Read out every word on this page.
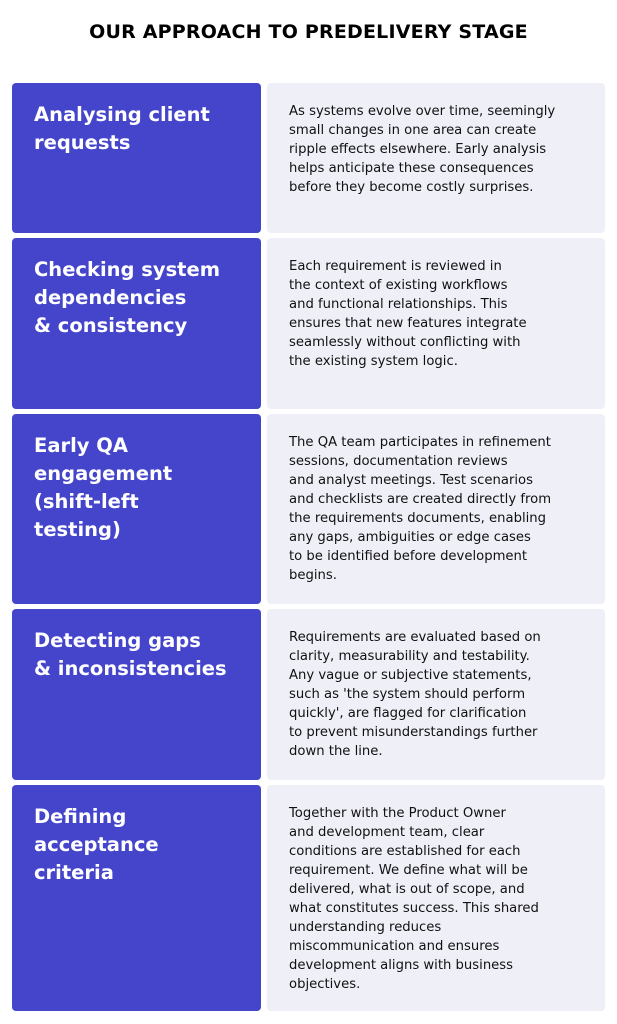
OUR APPROACH TO PREDELIVERY STAGE
Analysing client
requests
As systems evolve over time, seemingly
small changes in one area can create
ripple effects elsewhere. Early analysis
helps anticipate these consequences
before they become costly surprises.
Checking system
dependencies
& consistency
Each requirement is reviewed in
the context of existing workflows
and functional relationships. This
ensures that new features integrate
seamlessly without conflicting with
the existing system logic.
Early QA
engagement
(shift-left
testing)
The QA team participates in refinement
sessions, documentation reviews
and analyst meetings. Test scenarios
and checklists are created directly from
the requirements documents, enabling
any gaps, ambiguities or edge cases
to be identified before development
begins.
Detecting gaps
& inconsistencies
Requirements are evaluated based on
clarity, measurability and testability.
Any vague or subjective statements,
such as 'the system should perform
quickly', are flagged for clarification
to prevent misunderstandings further
down the line.
Defining
acceptance
criteria
Together with the Product Owner
and development team, clear
conditions are established for each
requirement. We define what will be
delivered, what is out of scope, and
what constitutes success. This shared
understanding reduces
miscommunication and ensures
development aligns with business
objectives.
